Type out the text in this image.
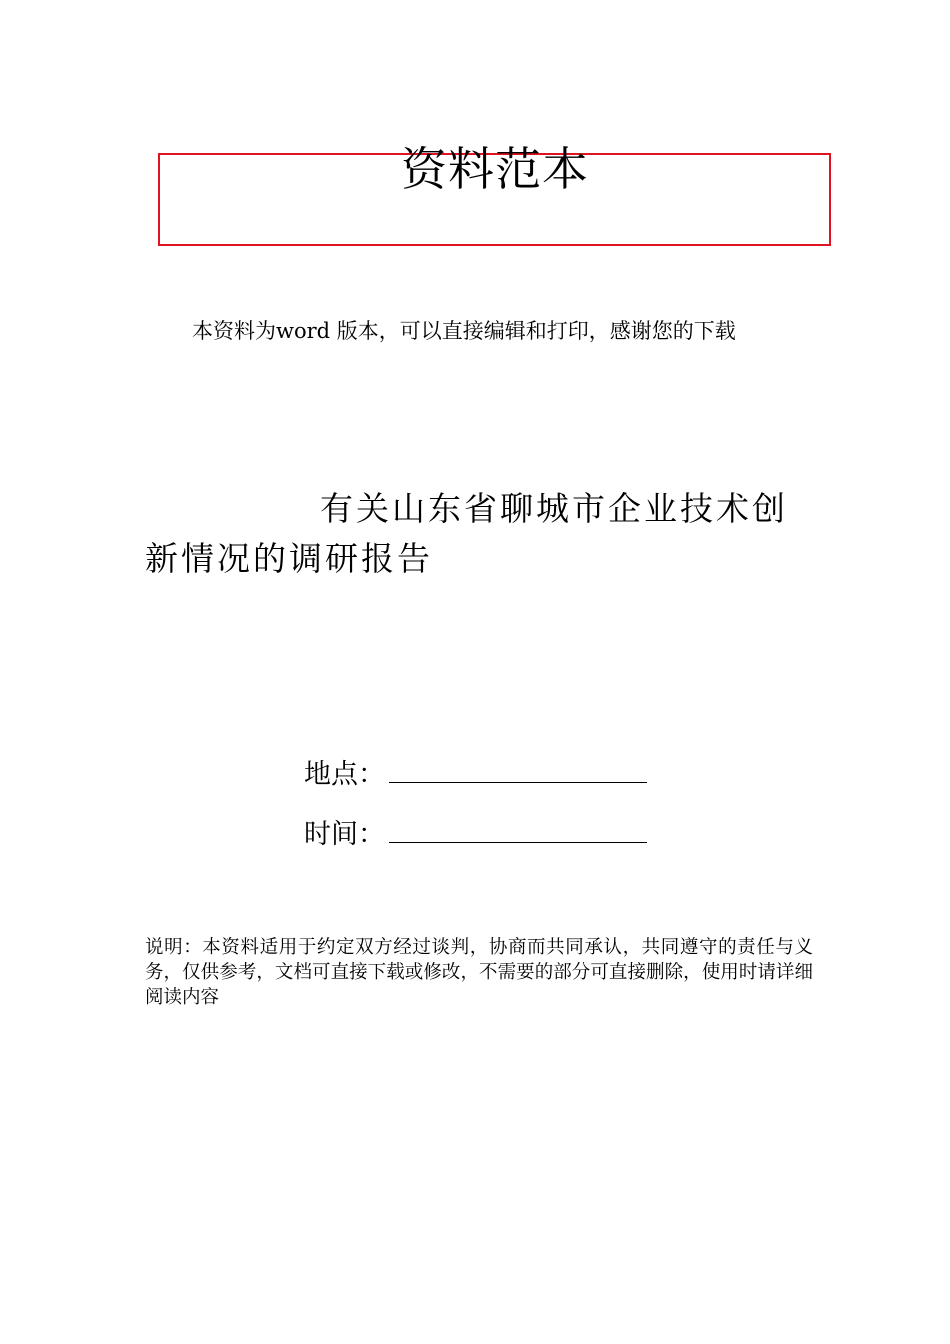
资料范本
本资料为word 版本，可以直接编辑和打印，感谢您的下载
有关山东省聊城市企业技术创新情况的调研报告
地点：
时间：
说明：本资料适用于约定双方经过谈判，协商而共同承认，共同遵守的责任与义务，仅供参考，文档可直接下载或修改，不需要的部分可直接删除，使用时请详细阅读内容
